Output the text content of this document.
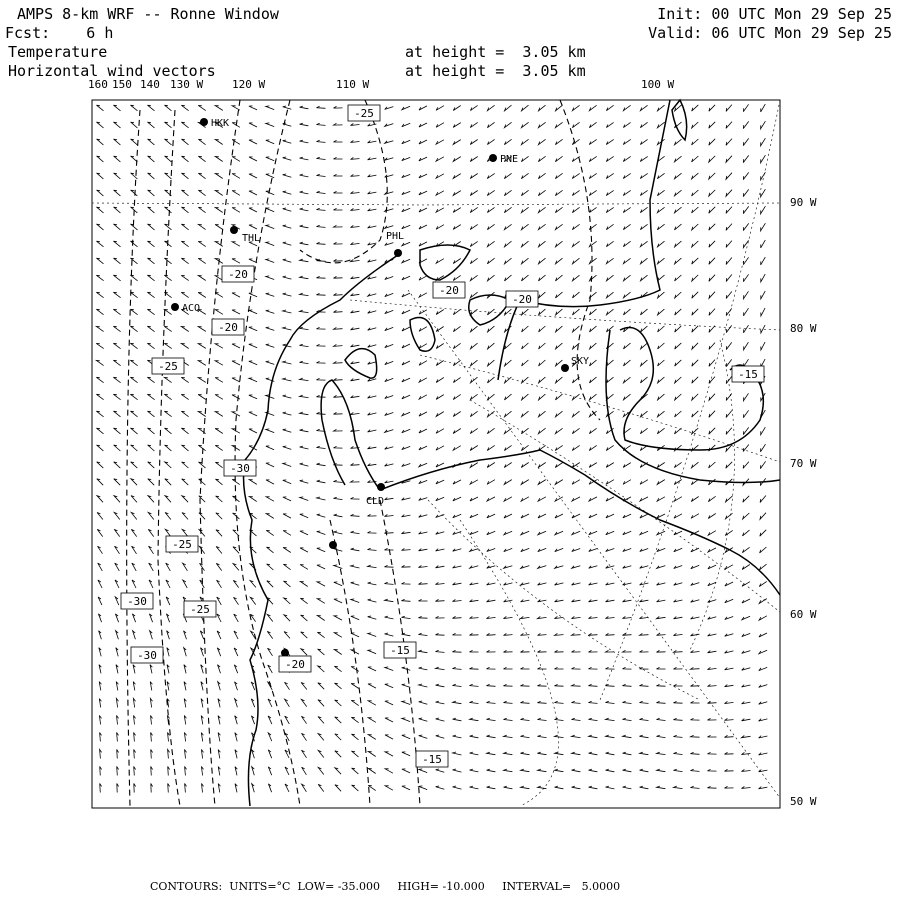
AMPS 8-km WRF -- Ronne Window
Fcst: 6 h
Temperature
Horizontal wind vectors
Init: 00 UTC Mon 29 Sep 25
Valid: 06 UTC Mon 29 Sep 25
at height =  3.05 km
at height =  3.05 km
160 150 140 130 W	120 W	110 W	100 W
90 W
80 W
70 W
60 W
50 W
HKK
PNE
THL	PHL
ACQ
SKY
CLD
-25
-20
-20
-20
-20
-25
-30
-25
-25
-30
-30	-15
-20
-15
-15
CONTOURS:  UNITS=°C  LOW= -35.000     HIGH= -10.000     INTERVAL=   5.0000
